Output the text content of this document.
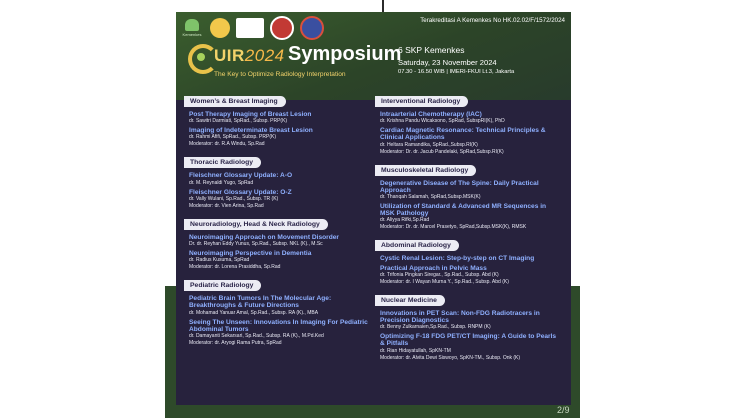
Kemenkes
Terakreditasi A Kemenkes No HK.02.02/F/1572/2024
UIR2024 Symposium
The Key to Optimize Radiology Interpretation
6 SKP Kemenkes
Saturday, 23 November 2024
07.30 - 16.50 WIB | IMERI-FKUI Lt.3, Jakarta
Women’s & Breast Imaging
Post Therapy Imaging of Breast Lesion
dr. Sawitri Darmiati, SpRad., Subsp. PRP(K)
Imaging of Indeterminate Breast Lesion
dr. Rahmi Afifi, SpRad., Subsp. PRP(K)
Moderator: dr. R.A Windu, Sp.Rad
Thoracic Radiology
Fleischner Glossary Update: A-O
dr. M. Reynaldi Yugo, SpRad
Fleischner Glossary Update: O-Z
dr. Vally Wulani, Sp.Rad., Subsp. TR (K)
Moderator: dr. Vien Arina, Sp.Rad
Neuroradiology, Head & Neck Radiology
Neuroimaging Approach on Movement Disorder
Dr. dr. Reyhan Eddy Yunus, Sp.Rad., Subsp. NKL (K)., M.Sc
Neuroimaging Perspective in Dementia
dr. Radius Kusuma, SpRad
Moderator: dr. Lorena Prasiddha, Sp.Rad
Pediatric Radiology
Pediatric Brain Tumors In The Molecular Age: Breakthroughs & Future Directions
dr. Mohamad Yanuar Amal, Sp.Rad., Subsp. RA (K)., MBA
Seeing The Unseen: Innovations In Imaging For Pediatric Abdominal Tumors
dr. Damayanti Sekarsari, Sp.Rad., Subsp. RA (K)., M.Pd.Ked
Moderator: dr. Aryogi Rama Putra, SpRad
Interventional Radiology
Intraarterial Chemotherapy (IAC)
dr. Krishna Pandu Wicaksono, SpRad, SubspRI(K), PhD
Cardiac Magnetic Resonance: Technical Principles & Clinical Applications
dr. Heltara Ramandika, SpRad.,Subsp.RI(K)
Moderator: Dr. dr. Jacub Pandelaki, SpRad,Subsp.RI(K)
Musculoskeletal Radiology
Degenerative Disease of The Spine: Daily Practical Approach
dr. Tharıqah Salamah, SpRad,Subsp.MSK(K)
Utilization of Standard & Advanced MR Sequences in MSK Pathology
dr. Aliyya Rifki,Sp.Rad
Moderator: Dr. dr. Marcel Prasetyo, SpRad,Subsp.MSK(K), RMSK
Abdominal Radiology
Cystic Renal Lesion: Step-by-step on CT Imaging
Practical Approach in Pelvic Mass
dr. Trifonia Pingkan Siregar., Sp.Rad., Subsp. Abd (K)
Moderator: dr. I Wayan Murna Y., Sp.Rad., Subsp. Abd (K)
Nuclear Medicine
Innovations in PET Scan: Non-FDG Radiotracers in Precision Diagnostics
dr. Benny Zulkarnaien,Sp.Rad., Subsp. RNPM (K)
Optimizing F-18 FDG PET/CT Imaging: A Guide to Pearls & Pitfalls
dr. Rian Hidayatullah, SpKN-TM
Moderator: dr. Alvita Dewi Siswoyo, SpKN-TM., Subsp. Onk (K)
2/9
